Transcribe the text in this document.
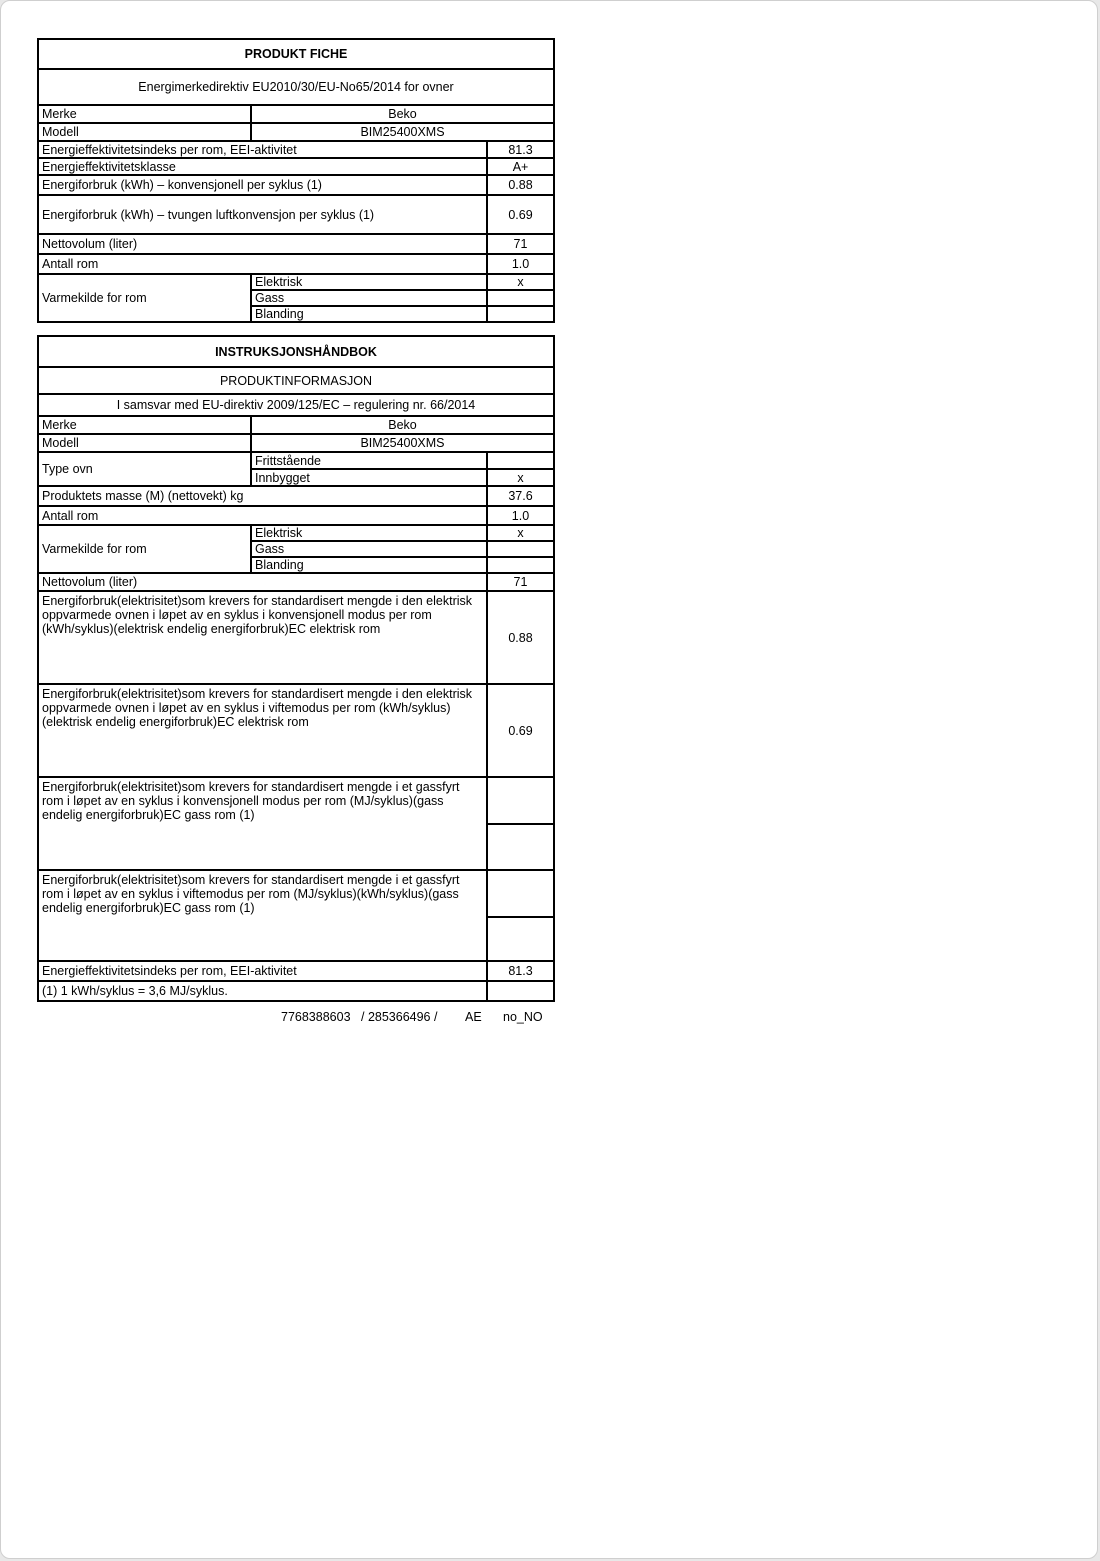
PRODUKT FICHE		
Energimerkedirektiv EU2010/30/EU-No65/2014 for ovner		
Merke	Beko	
Modell	BIM25400XMS	
Energieffektivitetsindeks per rom, EEI-aktivitet		81.3
Energieffektivitetsklasse		A+
Energiforbruk (kWh) – konvensjonell per syklus (1)		0.88
Energiforbruk (kWh) – tvungen luftkonvensjon per syklus (1)		0.69
Nettovolum (liter)		71
Antall rom		1.0
Varmekilde for rom	Elektrisk	x
	Gass	
	Blanding	
INSTRUKSJONSHÅNDBOK		
PRODUKTINFORMASJON		
I samsvar med EU-direktiv 2009/125/EC – regulering nr. 66/2014		
Merke	Beko	
Modell	BIM25400XMS	
Type ovn	Frittstående	
	Innbygget	x
Produktets masse (M) (nettovekt) kg		37.6
Antall rom		1.0
Varmekilde for rom	Elektrisk	x
	Gass	
	Blanding	
Nettovolum (liter)		71
Energiforbruk(elektrisitet)som krevers for standardisert mengde i den elektrisk oppvarmede ovnen i løpet av en syklus i konvensjonell modus per rom (kWh/syklus)(elektrisk endelig energiforbruk)EC elektrisk rom		0.88
Energiforbruk(elektrisitet)som krevers for standardisert mengde i den elektrisk oppvarmede ovnen i løpet av en syklus i viftemodus per rom (kWh/syklus)(elektrisk endelig energiforbruk)EC elektrisk rom		0.69
Energiforbruk(elektrisitet)som krevers for standardisert mengde i et gassfyrt rom i løpet av en syklus i konvensjonell modus per rom (MJ/syklus)(gass endelig energiforbruk)EC gass rom (1)		

Energiforbruk(elektrisitet)som krevers for standardisert mengde i et gassfyrt rom i løpet av en syklus i viftemodus per rom (MJ/syklus)(kWh/syklus)(gass endelig energiforbruk)EC gass rom (1)		

Energieffektivitetsindeks per rom, EEI-aktivitet		81.3
(1) 1 kWh/syklus = 3,6 MJ/syklus.		
7768388603 / 285366496 / AE no_NO
